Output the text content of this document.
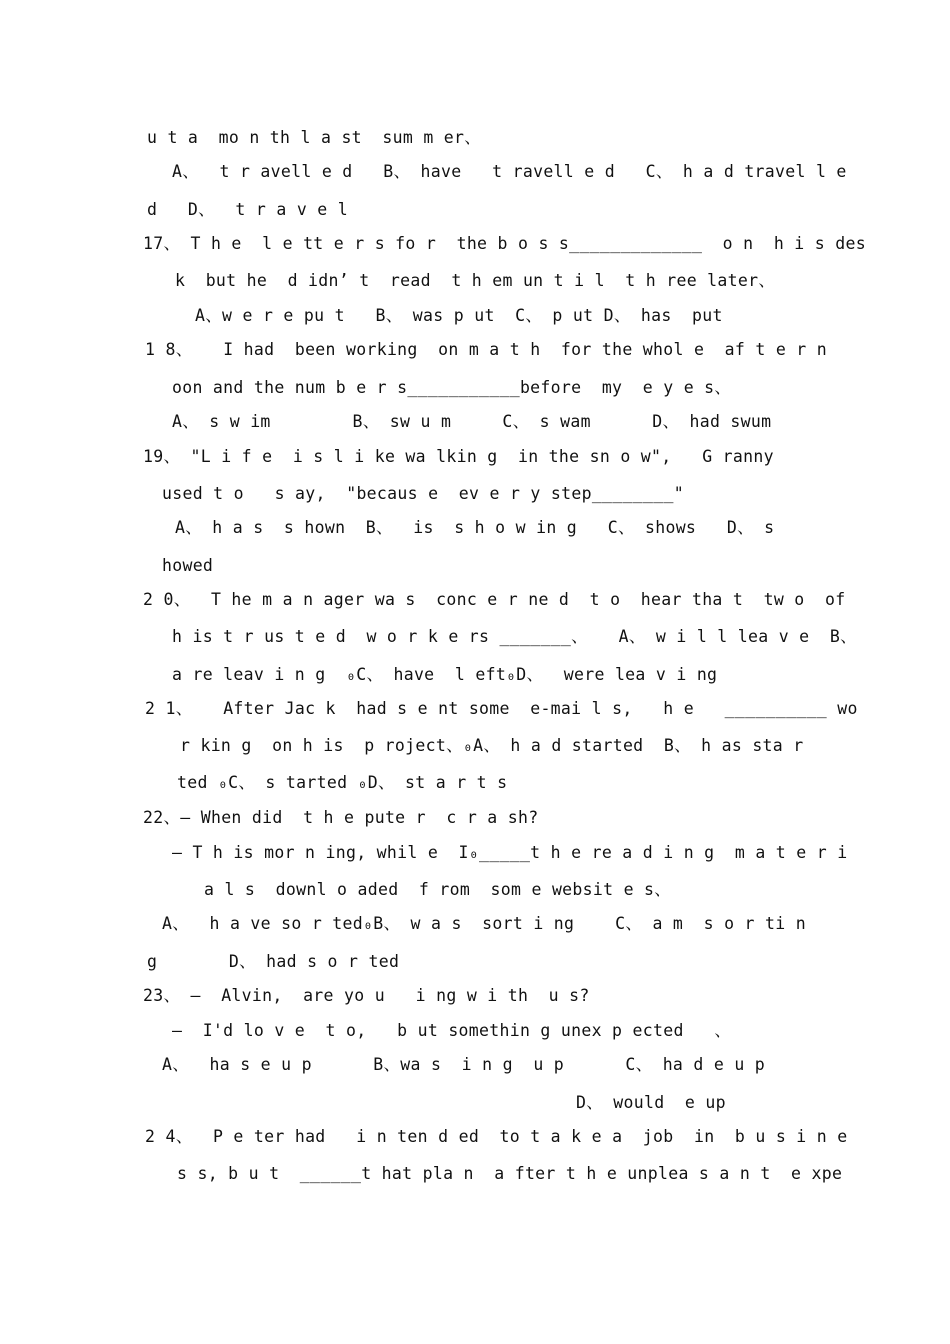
u t a  mo n th l a st  sum m er、
A、  t r avell e d   B、 have   t ravell e d   C、 h a d travel l e
d   D、  t r a v e l
17、 T h e  l e tt e r s fo r  the b o s s_____________  o n  h i s des
k  but he  d idn’ t  read  t h em un t i l  t h ree later、
A、w e r e pu t   B、 was p ut  C、 p ut D、 has  put
1 8、   I had  been working  on m a t h  for the whol e  af t e r n
oon and the num b e r s___________before  my  e y e s、
A、 s w im        B、 sw u m     C、 s wam      D、 had swum
19、 "L i f e  i s l i ke wa lkin g  in the sn o w",   G ranny
used t o   s ay,  "becaus e  ev e r y step________"
A、 h a s  s hown  B、  is  s h o w in g   C、 shows   D、 s
howed
2 0、  T he m a n ager wa s  conc e r ne d  t o  hear tha t  tw o  of
h is t r us t e d  w o r k e rs _______、   A、 w i l l lea v e  B、
a re leav i n g  ₀C、 have  l eft₀D、  were lea v i ng
2 1、   After Jac k  had s e nt some  e-mai l s,   h e   __________ wo
r kin g  on h is  p roject、₀A、 h a d started  B、 h as sta r
ted ₀C、 s tarted ₀D、 st a r t s
22、— When did  t h e pute r  c r a sh?
— T h is mor n ing, whil e  I₀_____t h e re a d i n g  m a t e r i
a l s  downl o aded  f rom  som e websit e s、
A、  h a ve so r ted₀B、 w a s  sort i ng    C、 a m  s o r ti n
g       D、 had s o r ted
23、 —  Alvin,  are yo u   i ng w i th  u s?
—  I'd lo v e  t o,   b ut somethin g unex p ected   、
A、  ha s e u p      B、wa s  i n g  u p      C、 ha d e u p
D、 would  e up
2 4、  P e ter had   i n ten d ed  to t a k e a  job  in  b u s i n e
s s, b u t  ______t hat pla n  a fter t h e unplea s a n t  e xpe
